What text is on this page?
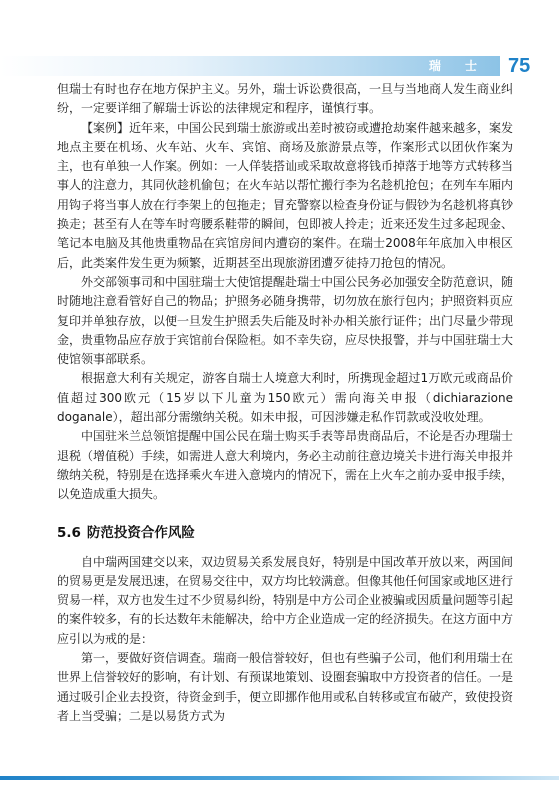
瑞 士 75

但瑞士有时也存在地方保护主义。另外，瑞士诉讼费很高，一旦与当地商人发生商业纠纷，一定要详细了解瑞士诉讼的法律规定和程序，谨慎行事。

【案例】近年来，中国公民到瑞士旅游或出差时被窃或遭抢劫案件越来越多，案发地点主要在机场、火车站、火车、宾馆、商场及旅游景点等，作案形式以团伙作案为主，也有单独一人作案。例如：一人佯装搭讪或采取故意将钱币掉落于地等方式转移当事人的注意力，其同伙趁机偷包；在火车站以帮忙搬行李为名趁机抢包；在列车车厢内用钩子将当事人放在行李架上的包拖走；冒充警察以检查身份证与假钞为名趁机将真钞换走；甚至有人在等车时弯腰系鞋带的瞬间，包即被人拎走；近来还发生过多起现金、笔记本电脑及其他贵重物品在宾馆房间内遭窃的案件。在瑞士2008年年底加入申根区后，此类案件发生更为频繁，近期甚至出现旅游团遭歹徒持刀抢包的情况。

外交部领事司和中国驻瑞士大使馆提醒赴瑞士中国公民务必加强安全防范意识，随时随地注意看管好自己的物品；护照务必随身携带，切勿放在旅行包内；护照资料页应复印并单独存放，以便一旦发生护照丢失后能及时补办相关旅行证件；出门尽量少带现金，贵重物品应存放于宾馆前台保险柜。如不幸失窃，应尽快报警，并与中国驻瑞士大使馆领事部联系。

根据意大利有关规定，游客自瑞士人境意大利时，所携现金超过1万欧元或商品价值超过300欧元（15岁以下儿童为150欧元）需向海关申报（dichiarazione doganale），超出部分需缴纳关税。如未申报，可因涉嫌走私作罚款或没收处理。

中国驻米兰总领馆提醒中国公民在瑞士购买手表等昂贵商品后，不论是否办理瑞士退税（增值税）手续，如需进人意大利境内，务必主动前往意边境关卡进行海关申报并缴纳关税，特别是在选择乘火车进入意境内的情况下，需在上火车之前办妥申报手续，以免造成重大损失。

5.6 防范投资合作风险

自中瑞两国建交以来，双边贸易关系发展良好，特别是中国改革开放以来，两国间的贸易更是发展迅速，在贸易交往中，双方均比较满意。但像其他任何国家或地区进行贸易一样，双方也发生过不少贸易纠纷，特别是中方公司企业被骗或因质量问题等引起的案件较多，有的长达数年未能解决，给中方企业造成一定的经济损失。在这方面中方应引以为戒的是：

第一，要做好资信调查。瑞商一般信誉较好，但也有些骗子公司，他们利用瑞士在世界上信誉较好的影响，有计划、有预谋地策划、设圈套骗取中方投资者的信任。一是通过吸引企业去投资，待资金到手，便立即挪作他用或私自转移或宣布破产，致使投资者上当受骗；二是以易货方式为
